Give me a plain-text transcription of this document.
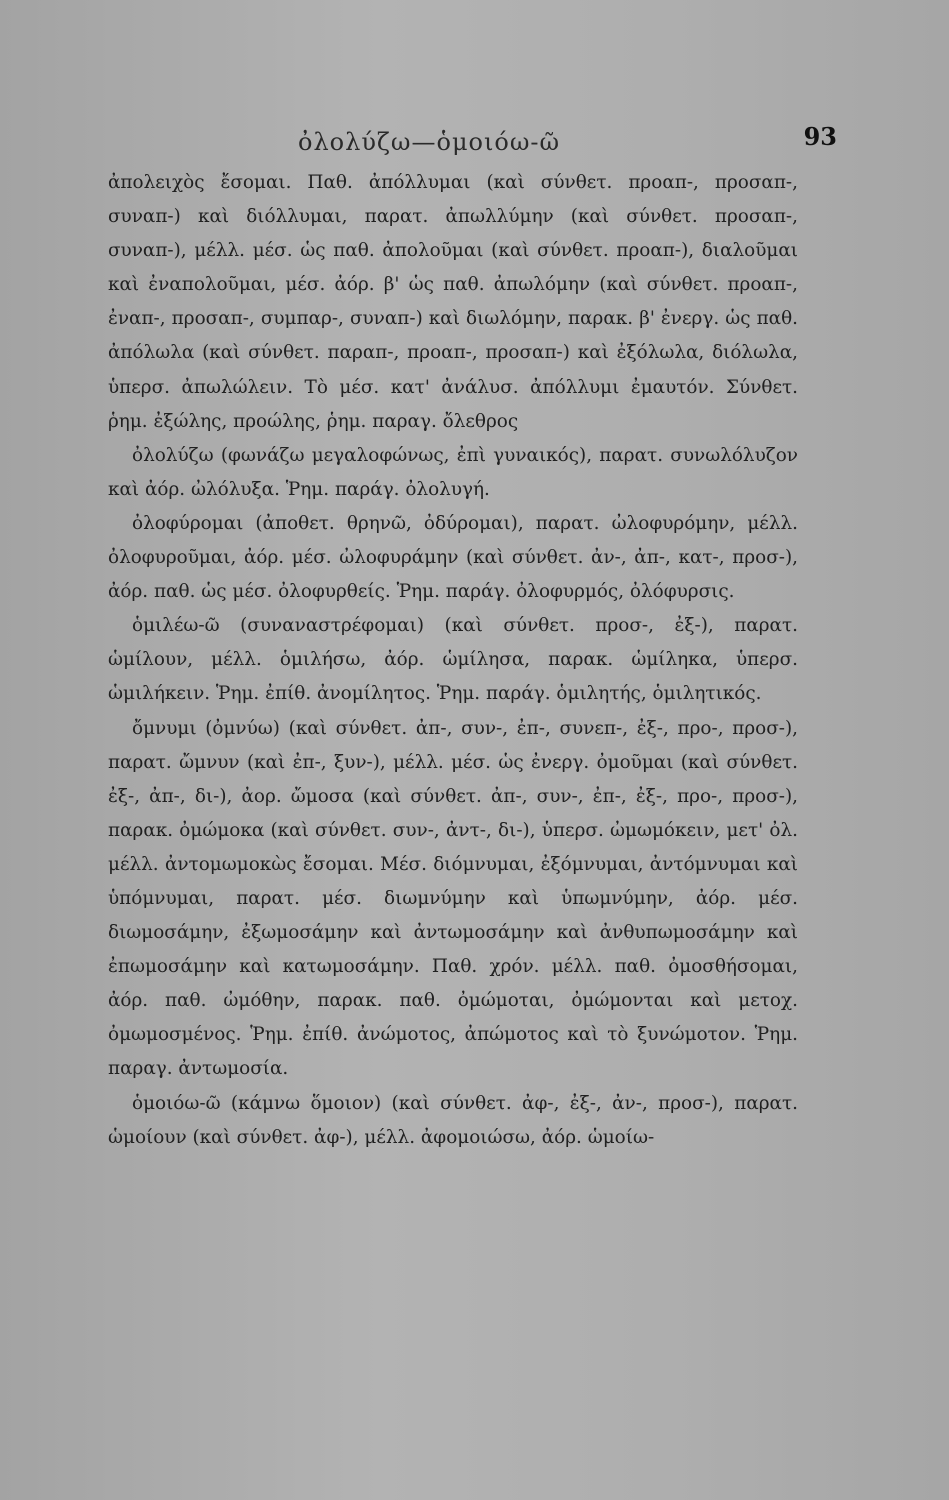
ὀλολύζω—ὁμοιόω-ῶ	93

ἀπολειχὸς ἔσομαι. Παθ. ἀπόλλυμαι (καὶ σύνθετ. προαπ-, προσαπ-, συναπ-) καὶ διόλλυμαι, παρατ. ἀπωλλύμην (καὶ σύνθετ. προσαπ-, συναπ-), μέλλ. μέσ. ὡς παθ. ἀπολοῦμαι (καὶ σύνθετ. προαπ-), διαλοῦμαι καὶ ἐναπολοῦμαι, μέσ. ἀόρ. β' ὡς παθ. ἀπωλόμην (καὶ σύνθετ. προαπ-, ἐναπ-, προσαπ-, συμπαρ-, συναπ-) καὶ διωλόμην, παρακ. β' ἐνεργ. ὡς παθ. ἀπόλωλα (καὶ σύνθετ. παραπ-, προαπ-, προσαπ-) καὶ ἐξόλωλα, διόλωλα, ὑπερσ. ἀπωλώλειν. Τὸ μέσ. κατ' ἀνάλυσ. ἀπόλλυμι ἐμαυτόν. Σύνθετ. ῥημ. ἐξώλης, προώλης, ῥημ. παραγ. ὄλεθρος

ὀλολύζω (φωνάζω μεγαλοφώνως, ἐπὶ γυναικός), παρατ. συνωλόλυζον καὶ ἀόρ. ὠλόλυξα. Ῥημ. παράγ. ὀλολυγή.

ὀλοφύρομαι (ἀποθετ. θρηνῶ, ὀδύρομαι), παρατ. ὠλοφυρόμην, μέλλ. ὀλοφυροῦμαι, ἀόρ. μέσ. ὠλοφυράμην (καὶ σύνθετ. ἀν-, ἀπ-, κατ-, προσ-), ἀόρ. παθ. ὡς μέσ. ὀλοφυρθείς. Ῥημ. παράγ. ὀλοφυρμός, ὀλόφυρσις.

ὁμιλέω-ῶ (συναναστρέφομαι) (καὶ σύνθετ. προσ-, ἐξ-), παρατ. ὡμίλουν, μέλλ. ὁμιλήσω, ἀόρ. ὡμίλησα, παρακ. ὡμίληκα, ὑπερσ. ὡμιλήκειν. Ῥημ. ἐπίθ. ἀνομίλητος. Ῥημ. παράγ. ὁμιλητής, ὁμιλητικός.

ὄμνυμι (ὀμνύω) (καὶ σύνθετ. ἀπ-, συν-, ἐπ-, συνεπ-, ἐξ-, προ-, προσ-), παρατ. ὤμνυν (καὶ ἐπ-, ξυν-), μέλλ. μέσ. ὡς ἐνεργ. ὀμοῦμαι (καὶ σύνθετ. ἐξ-, ἀπ-, δι-), ἀορ. ὤμοσα (καὶ σύνθετ. ἀπ-, συν-, ἐπ-, ἐξ-, προ-, προσ-), παρακ. ὀμώμοκα (καὶ σύνθετ. συν-, ἀντ-, δι-), ὑπερσ. ὠμωμόκειν, μετ' ὀλ. μέλλ. ἀντομωμοκὼς ἔσομαι. Μέσ. διόμνυμαι, ἐξόμνυμαι, ἀντόμνυμαι καὶ ὑπόμνυμαι, παρατ. μέσ. διωμνύμην καὶ ὑπωμνύμην, ἀόρ. μέσ. διωμοσάμην, ἐξωμοσάμην καὶ ἀντωμοσάμην καὶ ἀνθυπωμοσάμην καὶ ἐπωμοσάμην καὶ κατωμοσάμην. Παθ. χρόν. μέλλ. παθ. ὀμοσθήσομαι, ἀόρ. παθ. ὠμόθην, παρακ. παθ. ὀμώμοται, ὀμώμονται καὶ μετοχ. ὀμωμοσμένος. Ῥημ. ἐπίθ. ἀνώμοτος, ἀπώμοτος καὶ τὸ ξυνώμοτον. Ῥημ. παραγ. ἀντωμοσία.

ὁμοιόω-ῶ (κάμνω ὅμοιον) (καὶ σύνθετ. ἀφ-, ἐξ-, ἀν-, προσ-), παρατ. ὡμοίουν (καὶ σύνθετ. ἀφ-), μέλλ. ἀφομοιώσω, ἀόρ. ὡμοίω-
